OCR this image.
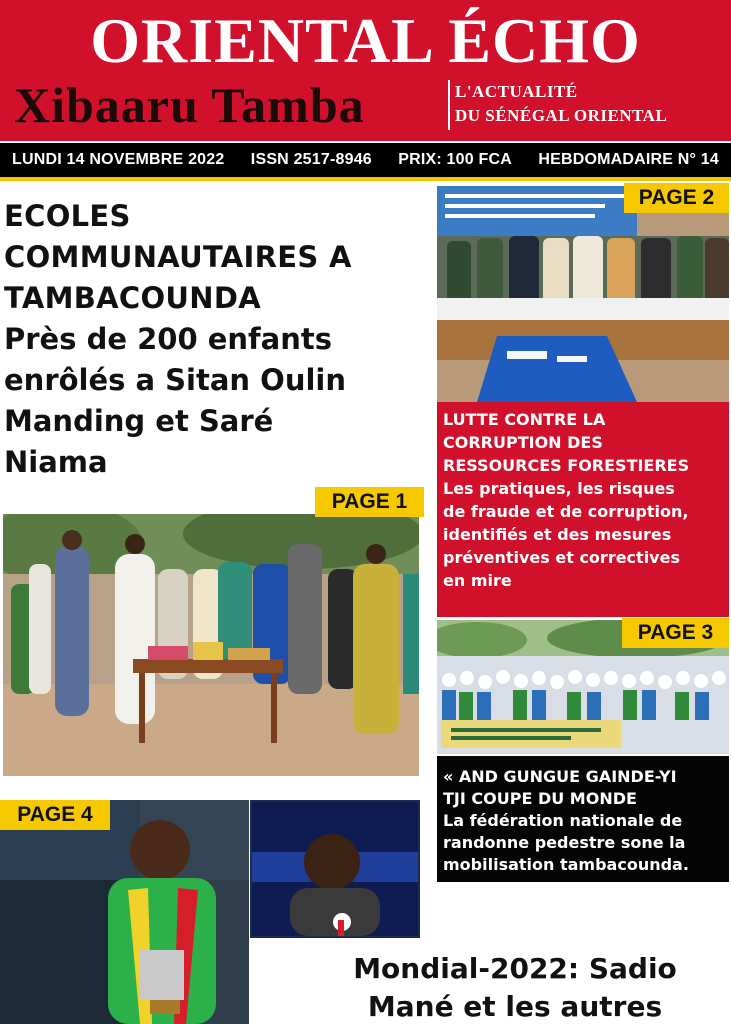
ORIENTAL ÉCHO
Xibaaru Tamba	L'ACTUALITÉ
DU SÉNÉGAL ORIENTAL
LUNDI 14 NOVEMBRE 2022 ISSN 2517-8946 PRIX: 100 FCA HEBDOMADAIRE N° 14
ECOLES
COMMUNAUTAIRES A
TAMBACOUNDA
Près de 200 enfants
enrôlés a Sitan Oulin
Manding et Saré
Niama
PAGE 1
PAGE 2
LUTTE CONTRE LA
CORRUPTION DES
RESSOURCES FORESTIERES
Les pratiques, les risques
de fraude et de corruption,
identifiés et des mesures
préventives et correctives
en mire
PAGE 3
« AND GUNGUE GAINDE-YI
TJI COUPE DU MONDE
La fédération nationale de
randonne pedestre sone la
mobilisation tambacounda.
PAGE 4
Mondial-2022: Sadio
Mané et les autres
